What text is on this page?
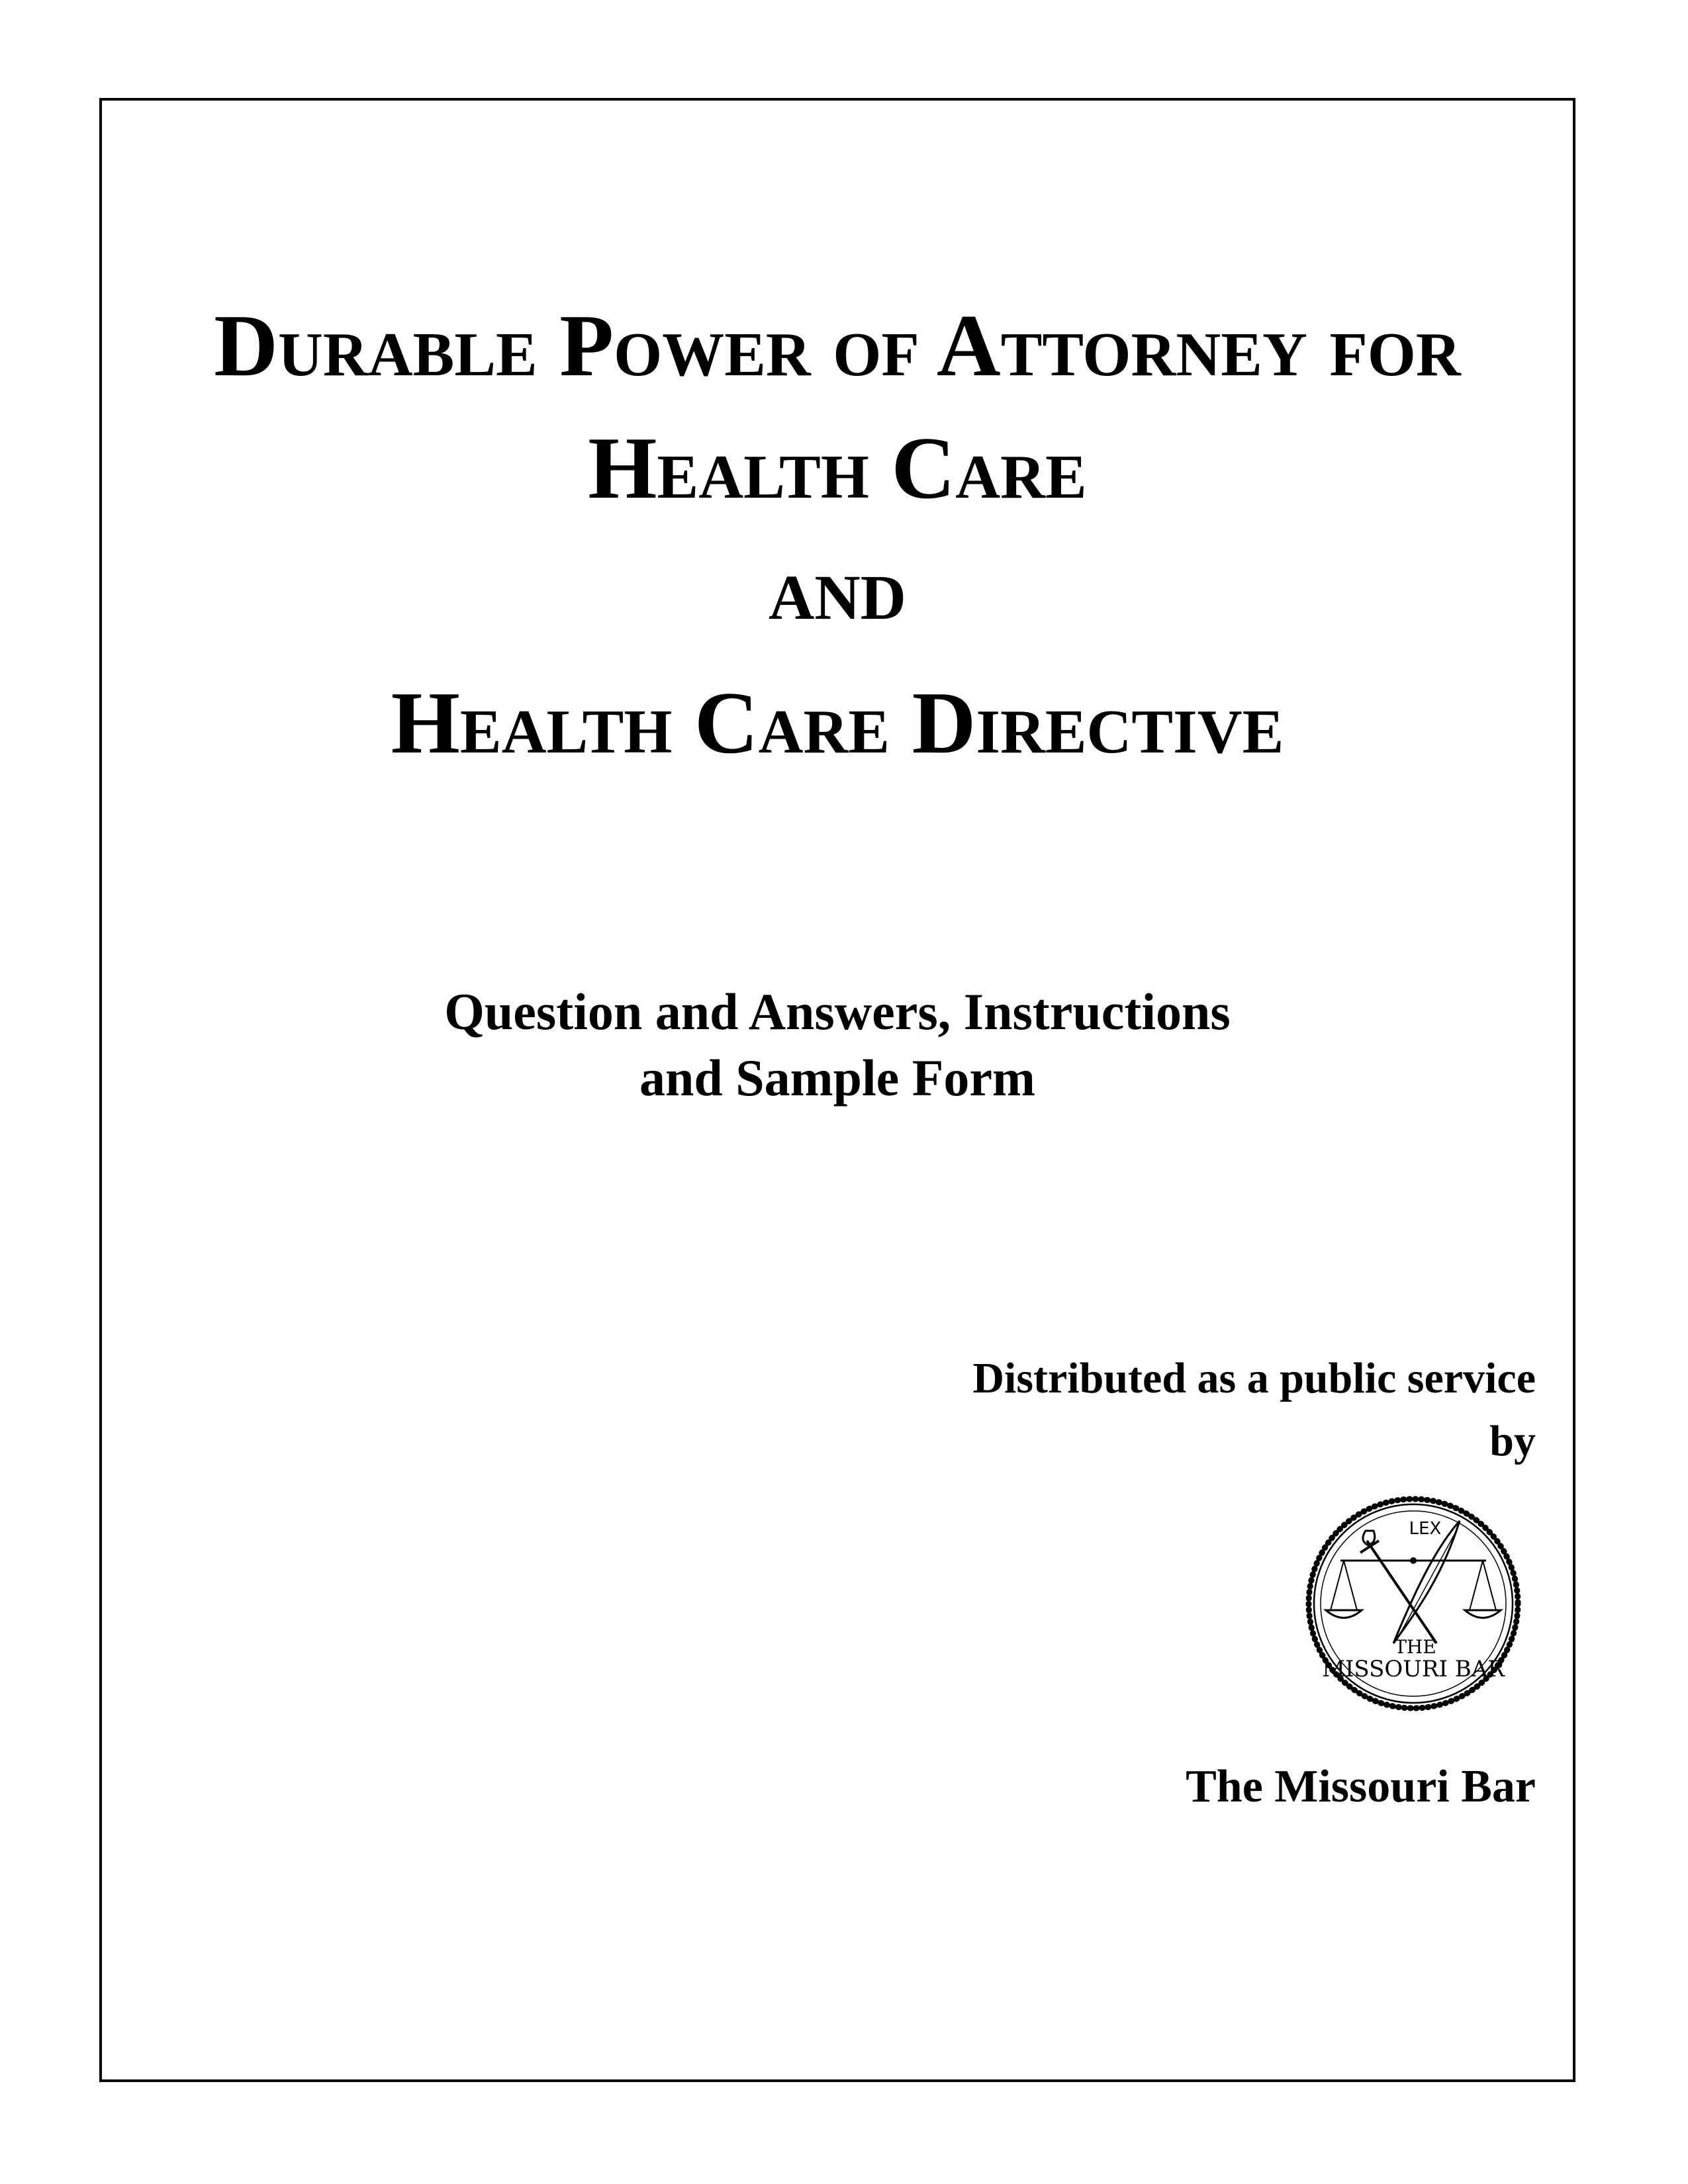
Durable Power of Attorney for
Health Care
AND
Health Care Directive
Question and Answers, Instructions
and Sample Form
Distributed as a public service
by
LEX
THE
MISSOURI BAR
The Missouri Bar
